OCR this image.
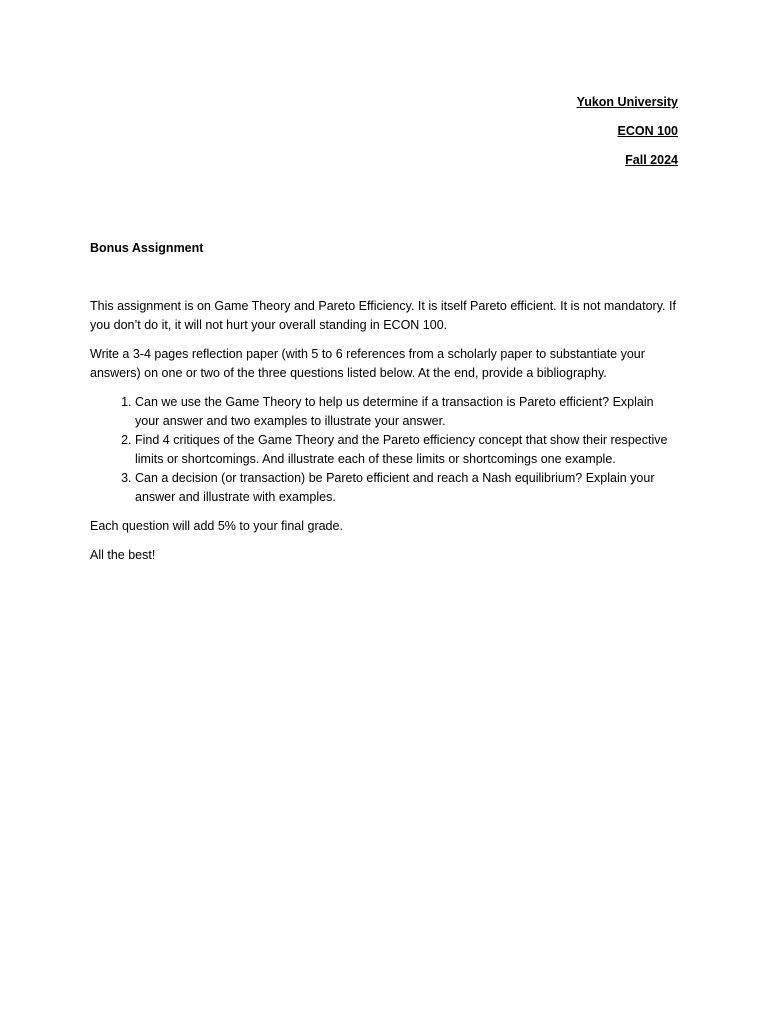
Yukon University
ECON 100
Fall 2024
Bonus Assignment

This assignment is on Game Theory and Pareto Efficiency. It is itself Pareto efficient. It is not mandatory. If you don’t do it, it will not hurt your overall standing in ECON 100.

Write a 3-4 pages reflection paper (with 5 to 6 references from a scholarly paper to substantiate your answers) on one or two of the three questions listed below. At the end, provide a bibliography.

1. Can we use the Game Theory to help us determine if a transaction is Pareto efficient? Explain your answer and two examples to illustrate your answer.
2. Find 4 critiques of the Game Theory and the Pareto efficiency concept that show their respective limits or shortcomings. And illustrate each of these limits or shortcomings one example.
3. Can a decision (or transaction) be Pareto efficient and reach a Nash equilibrium? Explain your answer and illustrate with examples.

Each question will add 5% to your final grade.

All the best!
